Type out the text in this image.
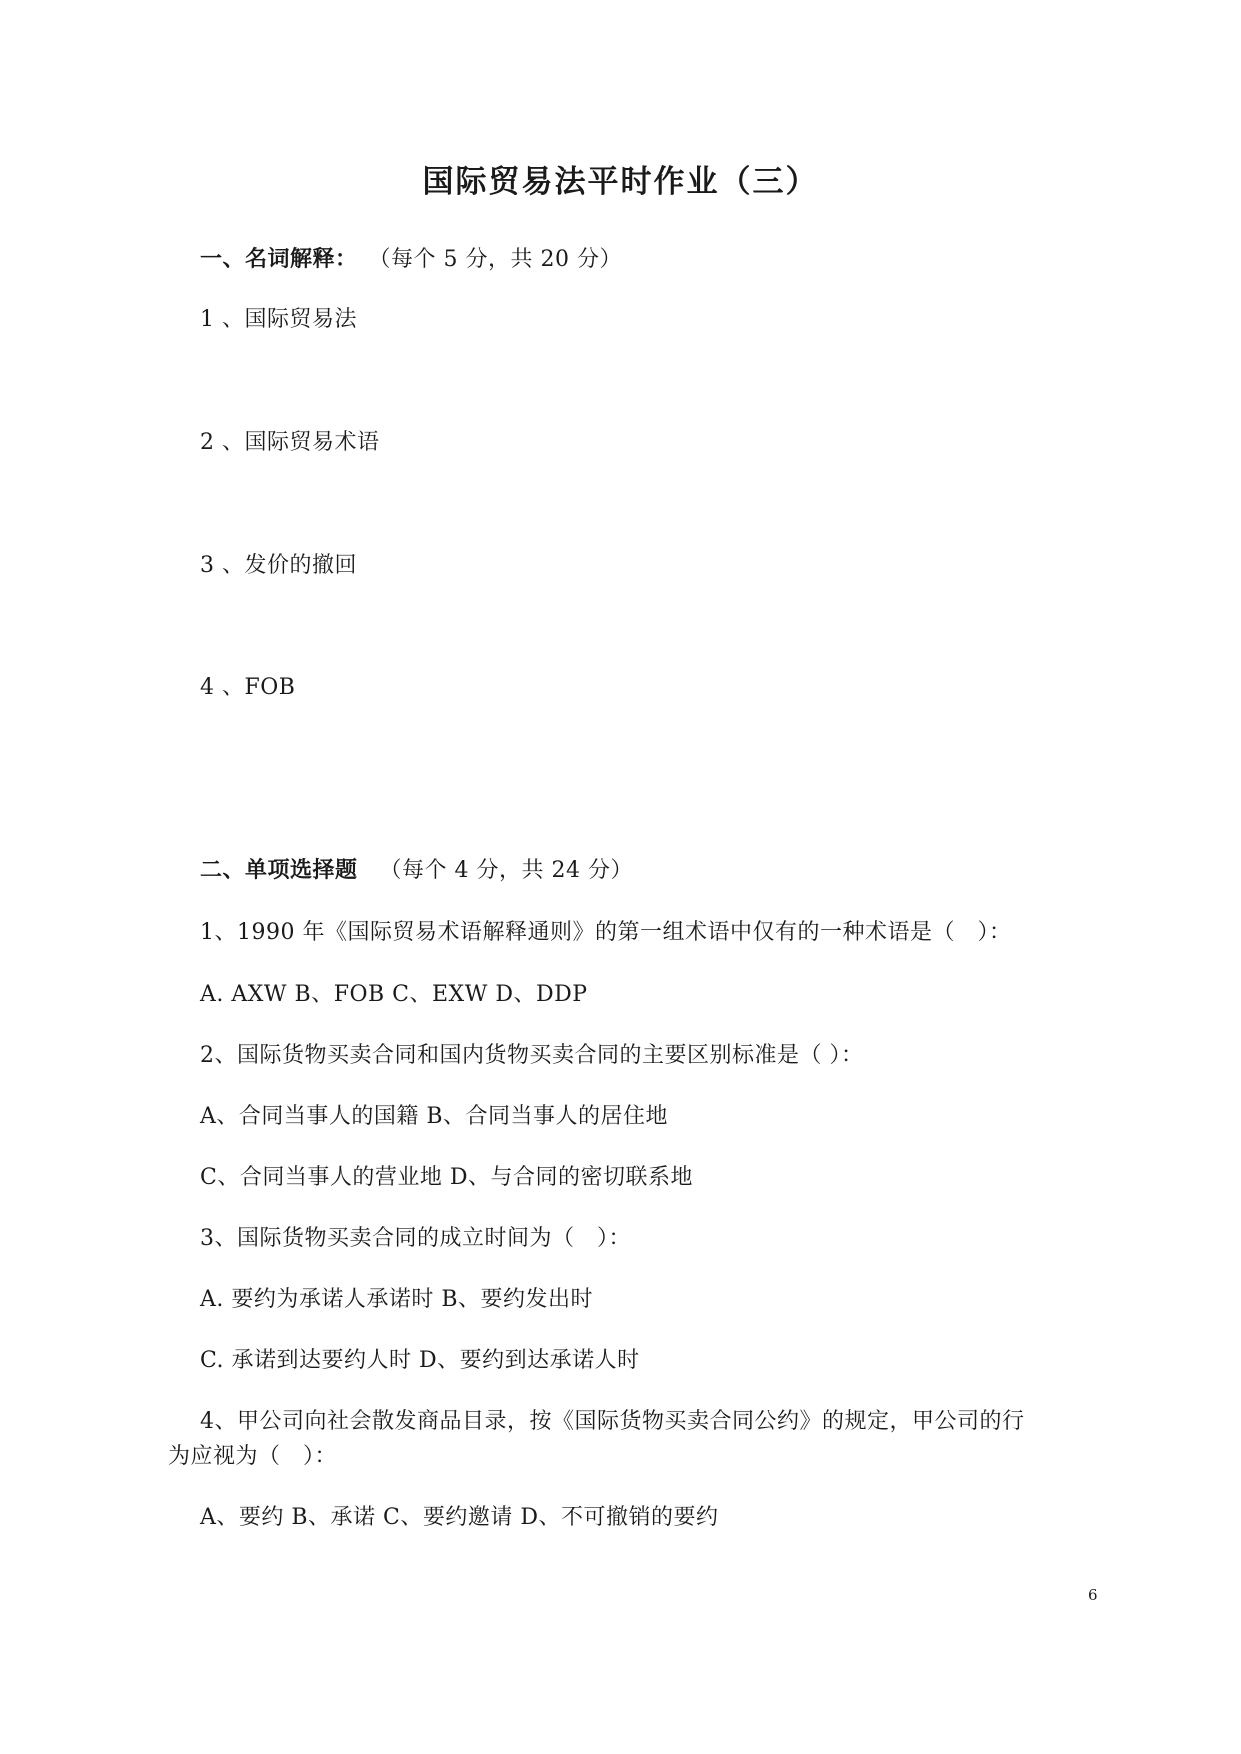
国际贸易法平时作业（三）
一、名词解释： （每个 5 分，共 20 分）
1 、国际贸易法
2 、国际贸易术语
3 、发价的撤回
4 、FOB
二、单项选择题 （每个 4 分，共 24 分）
1、1990 年《国际贸易术语解释通则》的第一组术语中仅有的一种术语是（　）：
A. AXW B、FOB C、EXW D、DDP
2、国际货物买卖合同和国内货物买卖合同的主要区别标准是（ ）：
A、合同当事人的国籍 B、合同当事人的居住地
C、合同当事人的营业地 D、与合同的密切联系地
3、国际货物买卖合同的成立时间为（　）：
A. 要约为承诺人承诺时 B、要约发出时
C. 承诺到达要约人时 D、要约到达承诺人时
4、甲公司向社会散发商品目录，按《国际货物买卖合同公约》的规定，甲公司的行
为应视为（　）：
A、要约 B、承诺 C、要约邀请 D、不可撤销的要约
6
